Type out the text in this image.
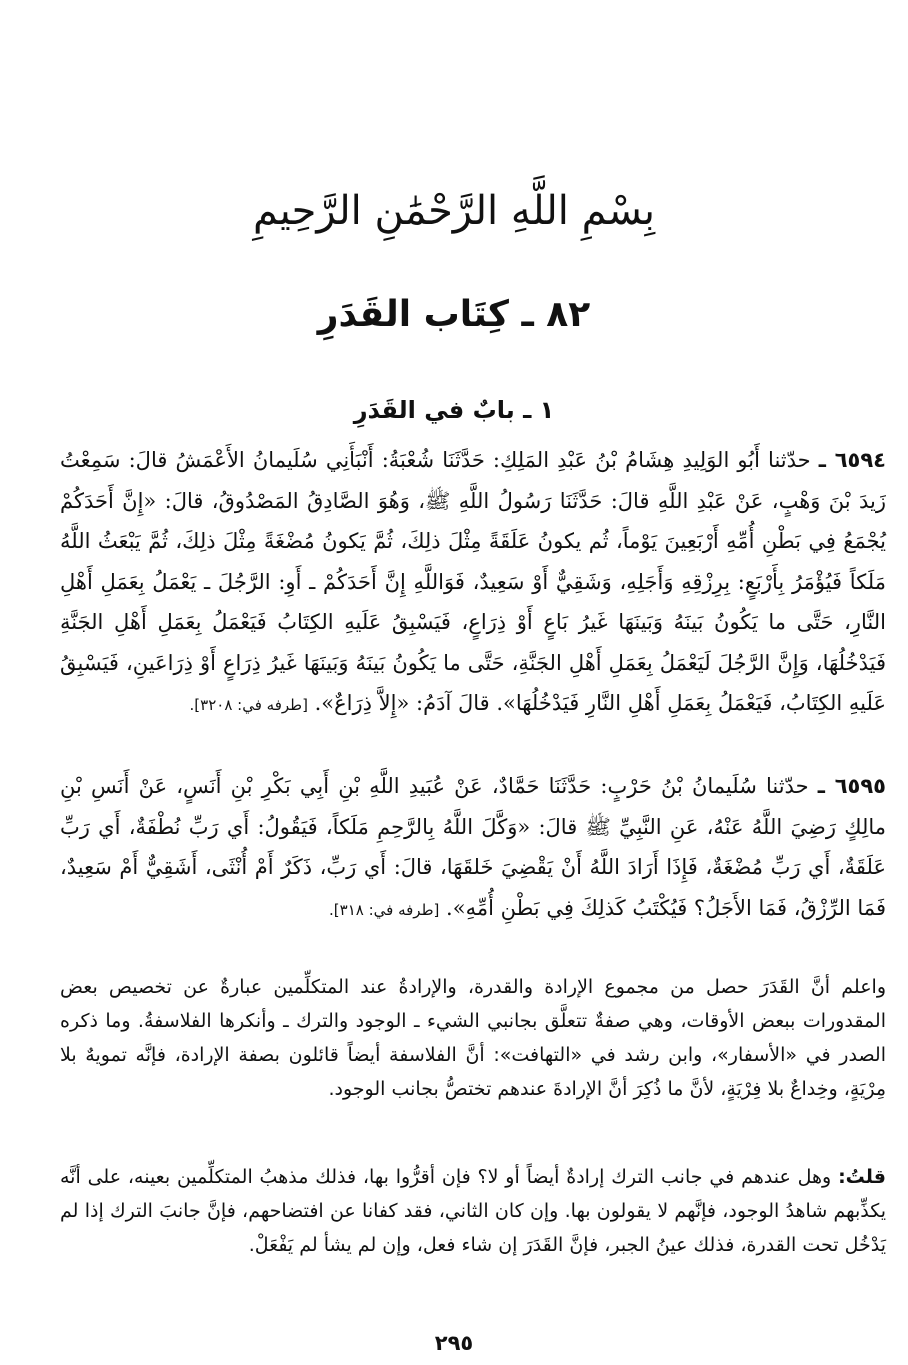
بِسْمِ اللَّهِ الرَّحْمَٰنِ الرَّحِيمِ
٨٢ ـ كِتَاب القَدَرِ
١ ـ بابٌ في القَدَرِ
٦٥٩٤ ـ حدّثنا أَبُو الوَلِيدِ هِشَامُ بْنُ عَبْدِ المَلِكِ: حَدَّثَنَا شُعْبَةُ: أَنْبَأَنِي سُلَيمانُ الأَعْمَشُ قالَ: سَمِعْتُ زَيدَ بْنَ وَهْبٍ، عَنْ عَبْدِ اللَّهِ قالَ: حَدَّثَنَا رَسُولُ اللَّهِ ﷺ، وَهُوَ الصَّادِقُ المَصْدُوقُ، قالَ: «إِنَّ أَحَدَكُمْ يُجْمَعُ فِي بَطْنِ أُمِّهِ أَرْبَعِينَ يَوْماً، ثُم يكونُ عَلَقَةً مِثْلَ ذلِكَ، ثُمَّ يَكونُ مُضْغَةً مِثْلَ ذلِكَ، ثُمَّ يَبْعَثُ اللَّهُ مَلَكاً فَيُؤْمَرُ بِأَرْبَعٍ: بِرِزْقِهِ وَأَجَلِهِ، وَشَقِيٌّ أَوْ سَعِيدٌ، فَوَاللَّهِ إِنَّ أَحَدَكُمْ ـ أَوِ: الرَّجُلَ ـ يَعْمَلُ بِعَمَلِ أَهْلِ النَّارِ، حَتَّى ما يَكُونُ بَينَهُ وَبَينَهَا غَيرُ بَاعٍ أَوْ ذِرَاعٍ، فَيَسْبِقُ عَلَيهِ الكِتَابُ فَيَعْمَلُ بِعَمَلِ أَهْلِ الجَنَّةِ فَيَدْخُلُهَا، وَإِنَّ الرَّجُلَ لَيَعْمَلُ بِعَمَلِ أَهْلِ الجَنَّةِ، حَتَّى ما يَكُونُ بَينَهُ وَبَينَهَا غَيرُ ذِرَاعٍ أَوْ ذِرَاعَينِ، فَيَسْبِقُ عَلَيهِ الكِتَابُ، فَيَعْمَلُ بِعَمَلِ أَهْلِ النَّارِ فَيَدْخُلُهَا». قالَ آدَمُ: «إِلاَّ ذِرَاعٌ». [طرفه في: ٣٢٠٨].
٦٥٩٥ ـ حدّثنا سُلَيمانُ بْنُ حَرْبٍ: حَدَّثَنَا حَمَّادٌ، عَنْ عُبَيدِ اللَّهِ بْنِ أَبِي بَكْرِ بْنِ أَنَسٍ، عَنْ أَنَسِ بْنِ مالِكٍ رَضِيَ اللَّهُ عَنْهُ، عَنِ النَّبِيِّ ﷺ قالَ: «وَكَّلَ اللَّهُ بِالرَّحِمِ مَلَكاً، فَيَقُولُ: أَي رَبِّ نُطْفَةٌ، أَي رَبِّ عَلَقَةٌ، أَي رَبِّ مُضْغَةٌ، فَإِذَا أَرَادَ اللَّهُ أَنْ يَقْضِيَ خَلقَهَا، قالَ: أَي رَبِّ، ذَكَرٌ أَمْ أُنْثَى، أَشَقِيٌّ أَمْ سَعِيدٌ، فَمَا الرِّزْقُ، فَمَا الأَجَلُ؟ فَيُكْتَبُ كَذلِكَ فِي بَطْنِ أُمِّهِ». [طرفه في: ٣١٨].
واعلم أنَّ القَدَرَ حصل من مجموع الإرادة والقدرة، والإرادةُ عند المتكلِّمين عبارةٌ عن تخصيص بعض المقدورات ببعض الأوقات، وهي صفةٌ تتعلَّق بجانبي الشيء ـ الوجود والترك ـ وأنكرها الفلاسفةُ. وما ذكره الصدر في «الأسفار»، وابن رشد في «التهافت»: أنَّ الفلاسفة أيضاً قائلون بصفة الإرادة، فإنَّه تمويهٌ بلا مِرْيَةٍ، وخِداعٌ بلا فِرْيَةٍ، لأنَّ ما ذُكِرَ أنَّ الإرادةَ عندهم تختصُّ بجانب الوجود.
قلتُ: وهل عندهم في جانب الترك إرادةٌ أيضاً أو لا؟ فإن أقرُّوا بها، فذلك مذهبُ المتكلِّمين بعينه، على أنَّه يكذِّبهم شاهدُ الوجود، فإنَّهم لا يقولون بها. وإن كان الثاني، فقد كفانا عن افتضاحهم، فإنَّ جانبَ الترك إذا لم يَدْخُل تحت القدرة، فذلك عينُ الجبر، فإنَّ القَدَرَ إن شاء فعل، وإن لم يشأ لم يَفْعَلْ.
٢٩٥
